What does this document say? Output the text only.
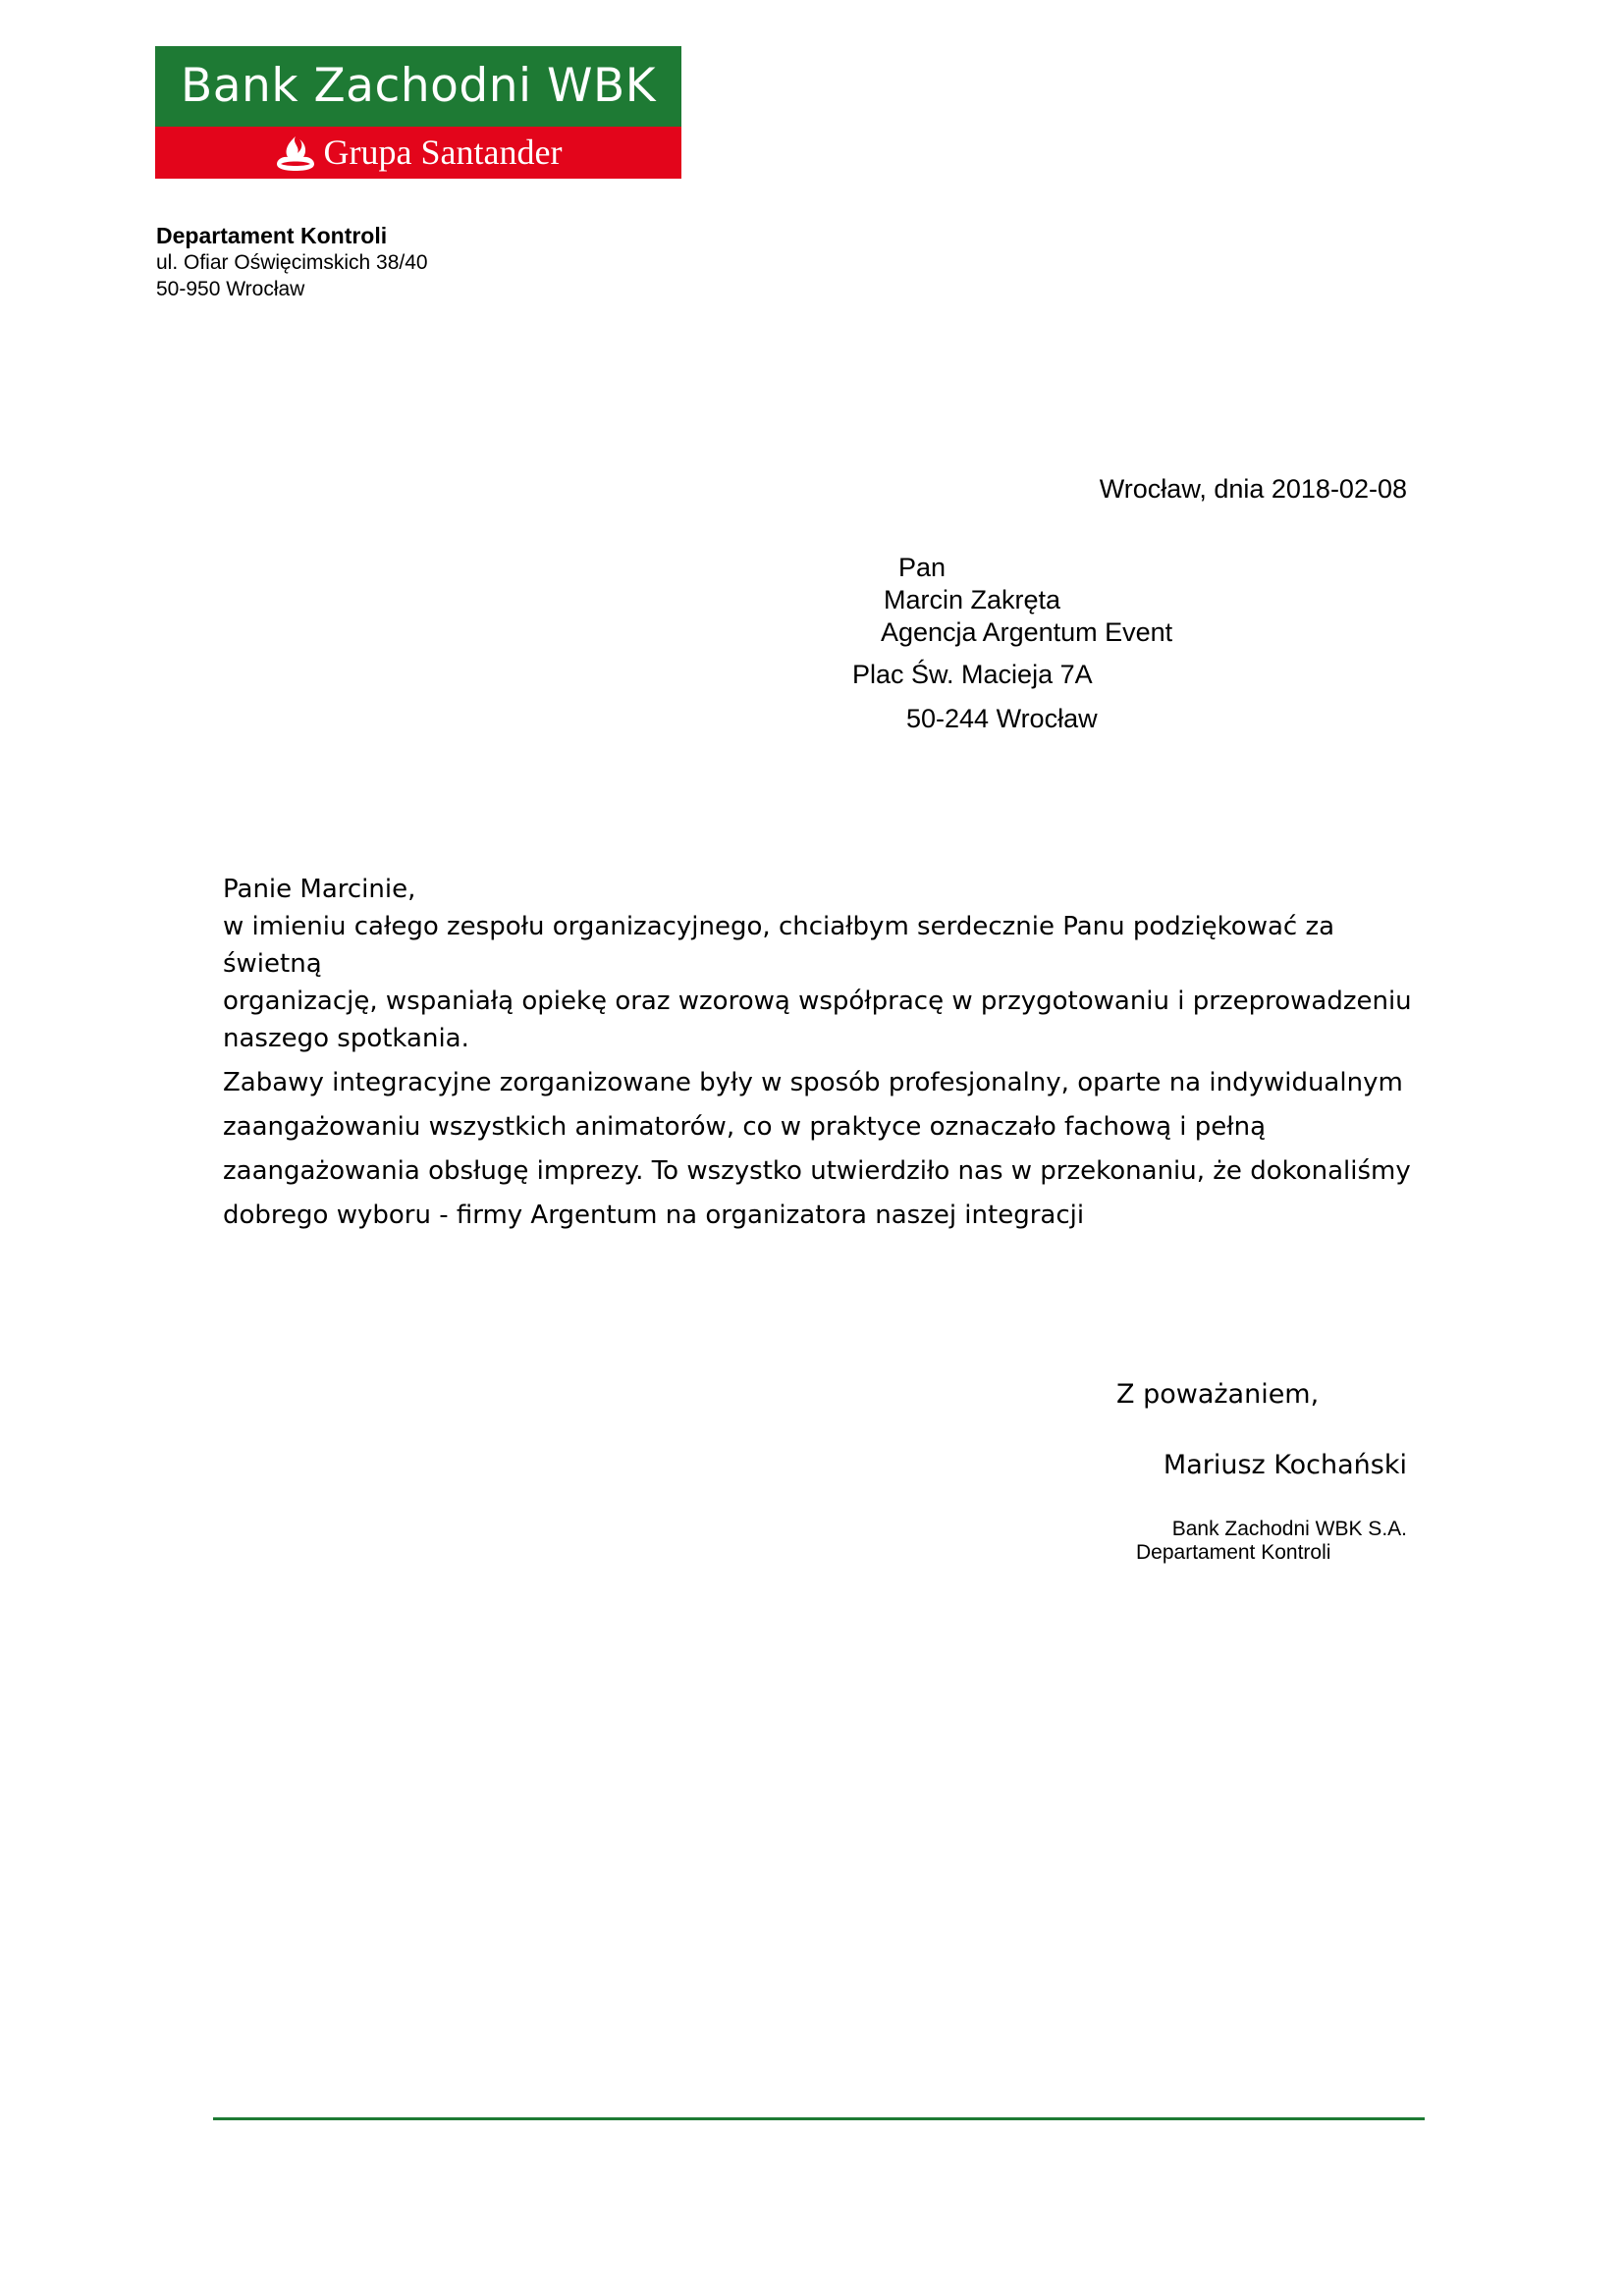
Bank Zachodni WBK
Grupa Santander
Departament Kontroli
ul. Ofiar Oświęcimskich 38/40
50-950 Wrocław
Wrocław, dnia 2018-02-08
Pan
Marcin Zakręta
Agencja Argentum Event
Plac Św. Macieja 7A
50-244 Wrocław
Panie Marcinie,
w imieniu całego zespołu organizacyjnego, chciałbym serdecznie Panu podziękować za świetną
organizację, wspaniałą opiekę oraz wzorową współpracę w przygotowaniu i przeprowadzeniu
naszego spotkania.
Zabawy integracyjne zorganizowane były w sposób profesjonalny, oparte na indywidualnym
zaangażowaniu wszystkich animatorów, co w praktyce oznaczało fachową i pełną
zaangażowania obsługę imprezy. To wszystko utwierdziło nas w przekonaniu, że dokonaliśmy
dobrego wyboru - firmy Argentum na organizatora naszej integracji
Z poważaniem,
Mariusz Kochański
Bank Zachodni WBK S.A.
Departament Kontroli
